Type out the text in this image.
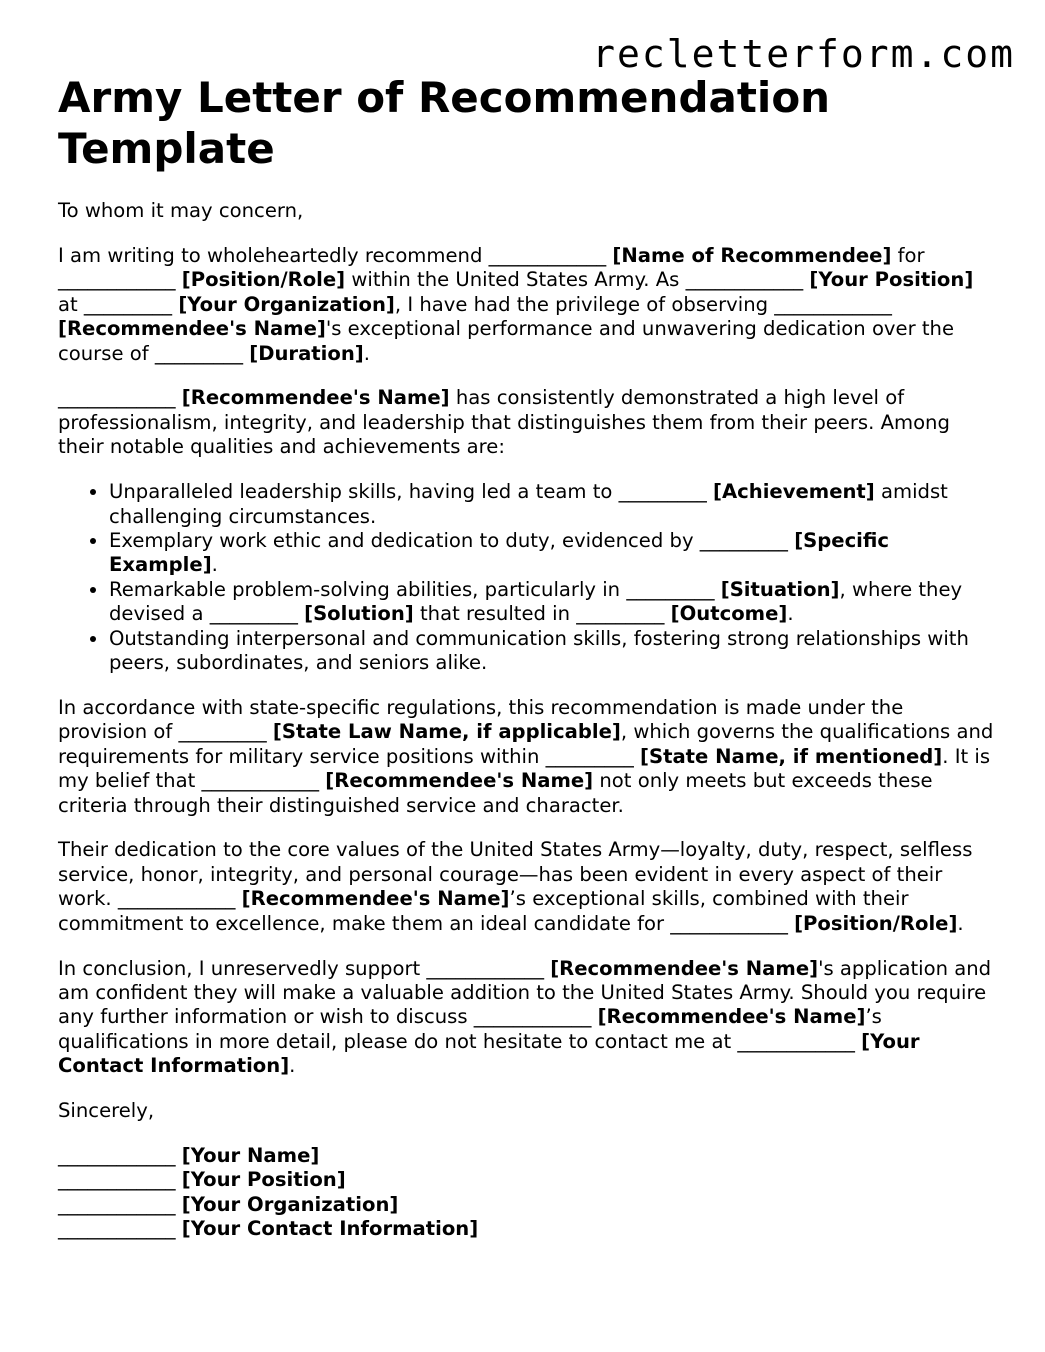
recletterform.com
Army Letter of Recommendation Template

To whom it may concern,

I am writing to wholeheartedly recommend ____________ [Name of Recommendee] for ____________ [Position/Role] within the United States Army. As ____________ [Your Position] at _________ [Your Organization], I have had the privilege of observing ____________ [Recommendee's Name]'s exceptional performance and unwavering dedication over the course of _________ [Duration].

____________ [Recommendee's Name] has consistently demonstrated a high level of professionalism, integrity, and leadership that distinguishes them from their peers. Among their notable qualities and achievements are:

• Unparalleled leadership skills, having led a team to _________ [Achievement] amidst challenging circumstances.
• Exemplary work ethic and dedication to duty, evidenced by _________ [Specific Example].
• Remarkable problem-solving abilities, particularly in _________ [Situation], where they devised a _________ [Solution] that resulted in _________ [Outcome].
• Outstanding interpersonal and communication skills, fostering strong relationships with peers, subordinates, and seniors alike.

In accordance with state-specific regulations, this recommendation is made under the provision of _________ [State Law Name, if applicable], which governs the qualifications and requirements for military service positions within _________ [State Name, if mentioned]. It is my belief that ____________ [Recommendee's Name] not only meets but exceeds these criteria through their distinguished service and character.

Their dedication to the core values of the United States Army—loyalty, duty, respect, selfless service, honor, integrity, and personal courage—has been evident in every aspect of their work. ____________ [Recommendee's Name]’s exceptional skills, combined with their commitment to excellence, make them an ideal candidate for ____________ [Position/Role].

In conclusion, I unreservedly support ____________ [Recommendee's Name]'s application and am confident they will make a valuable addition to the United States Army. Should you require any further information or wish to discuss ____________ [Recommendee's Name]’s qualifications in more detail, please do not hesitate to contact me at ____________ [Your Contact Information].

Sincerely,

____________ [Your Name]
____________ [Your Position]
____________ [Your Organization]
____________ [Your Contact Information]
